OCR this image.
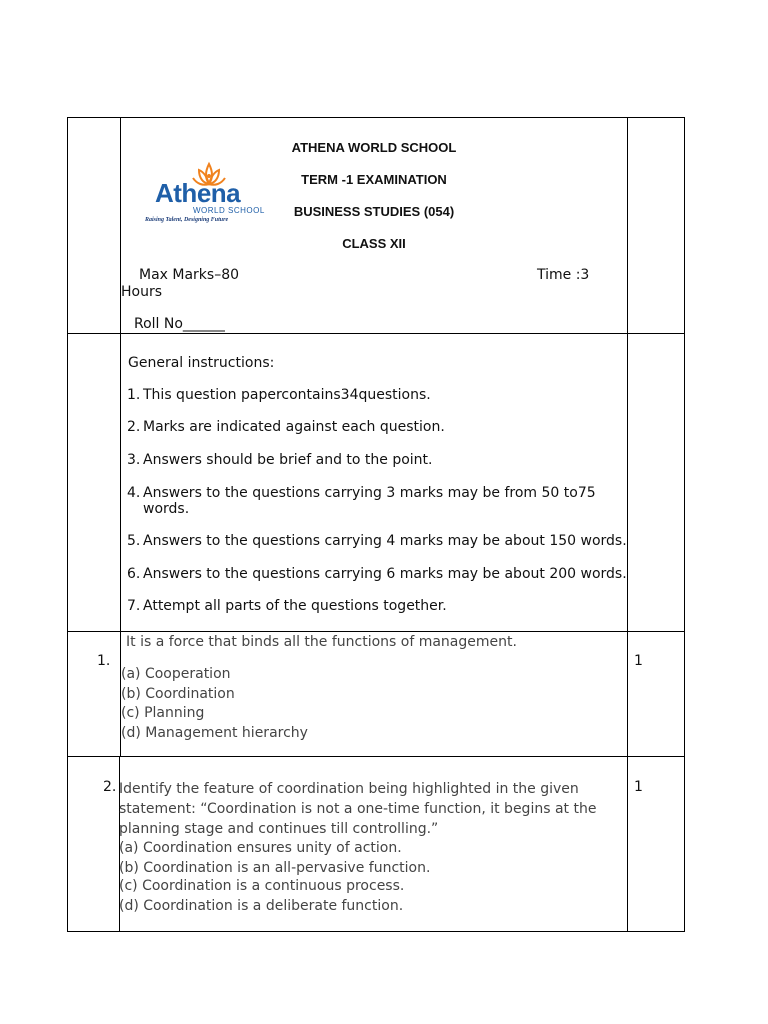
ATHENA WORLD SCHOOL
TERM -1 EXAMINATION
BUSINESS STUDIES (054)
CLASS XII
Athena
WORLD SCHOOL
Raising Talent, Designing Future
Max Marks–80	Time :3
Hours
Roll No______
General instructions:
1. This question papercontains34questions.
2. Marks are indicated against each question.
3. Answers should be brief and to the point.
4. Answers to the questions carrying 3 marks may be from 50 to75 words.
5. Answers to the questions carrying 4 marks may be about 150 words.
6. Answers to the questions carrying 6 marks may be about 200 words.
7. Attempt all parts of the questions together.
1.
It is a force that binds all the functions of management.
(a) Cooperation
(b) Coordination
(c) Planning
(d) Management hierarchy
1
2. Identify the feature of coordination being highlighted in the given
statement: “Coordination is not a one-time function, it begins at the
planning stage and continues till controlling.”
(a) Coordination ensures unity of action.
(b) Coordination is an all-pervasive function.
(c) Coordination is a continuous process.
(d) Coordination is a deliberate function.
1
